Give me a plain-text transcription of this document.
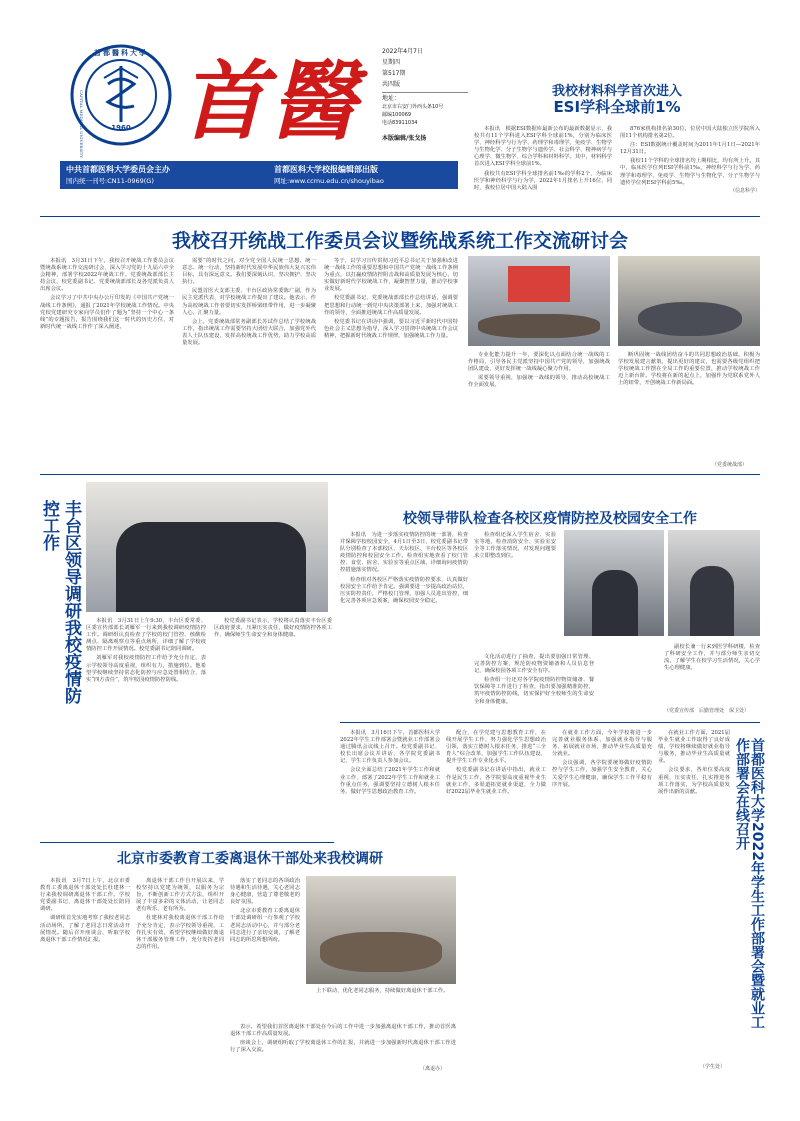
1960
首都醫科大學
CAPITAL MEDICAL UNIVERSITY 首醫	2022年4月7日
星期四
第517期
共四版
地址：
北京市右安门外西头条10号
邮编100069
电话83911034
本版编辑/张戈扬
中共首都医科大学委员会主办
国内统一刊号:CN11-0969(G)
首都医科大学校报编辑部出版
网址:www.ccmu.edu.cn/shouyibao
我校材料科学首次进入
ESI学科全球前1%

本报讯　根据ESI数据库最新公布的最新数据显示，我校共有11个学科进入ESI学科全球前1%，分别为临床医学、神经科学与行为学、药理学和毒理学、免疫学、生物学与生物化学、分子生物学与遗传学、社会科学、精神病学与心理学、微生物学、综合学科和材料科学。其中，材料科学首次进入ESI学科全球前1%。

我校共有ESI学科全球排名前1‰的学科2个，为临床医学和神经科学与行为学，2022年1月排名上升16位，同时，我校位居中国大陆入围

876家机构排名第30位，位居中国大陆独立医学院所入围11个机构排名第2位。

注：ESI数据统计覆盖时间为2011年1月1日—2021年12月31日。

我校11个学科的全球排名均上期相比，均有所上升。其中，临床医学位列ESI学科前1‰，神经科学与行为学、药理学和毒理学、免疫学、生物学与生物化学、分子生物学与遗传学位列ESI学科前5‰。

（信息科学）
我校召开统战工作委员会议暨统战系统工作交流研讨会

本报讯　3月31日下午，我校召开统战工作委员会议暨统战系统工作交流研讨会，深入学习党的十九届六中全会精神，部署学校2022年统战工作。党委统战部部长主持会议，校党委副书记、党委统战部部长及各党派负责人出席会议。

会议学习了中共中央办公厅印发的《中国共产党统一战线工作条例》，通报了2021年学校统战工作情况。中央党校党建研究专家向学员们作了题为“坚持一个中心一条线”的专题报告，报告围绕我们这一时代的历史方位，对新时代统一战线工作作了深入阐述。

需要”的时代之问，对全党全国人民统一思想、统一意志、统一行动，坚持新时代发展中华民族伟大复兴宏伟目标，具有深远意义。我们要深刻认识、坚决拥护、坚决执行。

民盟首医大支部主委、丰台区政协常委陈广副，作为民主党派代表，对学校统战工作提出了建议。他表示，作为高校统战工作者要切实发挥桥梁纽带作用，进一步凝聚人心、汇聚力量。

会上，党委统战部常务副部长苏试作总结了学校统战工作，指出统战工作需要坚持大团结大联合，加强党外代表人士队伍建设，发挥高校统战工作优势，助力学校高质量发展。

等于，以学习宣传贯彻习近平总书记关于加强和改进统一战线工作的重要思想和中国共产党统一战线工作条例为重点，以打赢疫情防控阻击战和高质量发展为核心，切实做好新时代学校统战工作，凝聚智慧力量，推动学校事业发展。

校党委副书记、党委统战部部长作总结讲话，强调要把思想和行动统一到党中央决策部署上来，加强对统战工作的领导，全面推进统战工作高质量发展。

校党委书记在讲话中强调，要以习近平新时代中国特色社会主义思想为指导，深入学习贯彻中央统战工作会议精神，把握新时代统战工作规律，加强统战工作力量。

专业化能力提升一年，要深化以点面结合统一战线的工作格局，引导各民主党派坚持中国共产党的领导，加强统战团队建设，更好发挥统一战线凝心聚力作用。

需要领导重视，加强统一战线的领导，推动高校统战工作全面发展。

断巩固统一战线团结奋斗的共同思想政治基础，积极为学校发展建言献策，提出更好的建议，也需要各级党组织把学校统战工作摆在全局工作的重要位置，推动学校统战工作迈上新台阶。学校将在新的起点上，加强作为党联系党外人士的纽带，开创统战工作新局面。

（党委统战部）
校领导带队检查各校区疫情防控及校园安全工作

本报讯　为进一步落实疫情防控的统一部署，检查并保障学校校园安全，4月1日至3日，校党委副书记带队分别检查了本部校区、天坛校区、丰台校区等各校区疫情防控和校园安全工作。检查组实地查看了校门管控、食堂、宿舍、实验室等重点区域，详细询问疫情防控措施落实情况。

检查组对各校区严格落实疫情防控要求，认真做好校园安全工作给予肯定。强调要进一步提高政治站位，压实防控责任，严格校门管理，加强人员进出管控，细化完善各项应急预案，确保校园安全稳定。

检查组还深入学生宿舍、实验室等地，检查消防安全、实验室安全等工作落实情况，对发现问题要求立即整改到位。

文化活动进行了抽查，提出要加强日常管理、完善防控方案，规范防疫物资储备和人员信息登记，确保校园各项工作安全有序。

检查组一行还对各学院疫情防控物资储备、餐饮保障等工作进行了检查，指出要加强精准防控，筑牢疫情防控防线，切实保护好全校师生的生命安全和身体健康。

副校长兼一行来到医学科研楼，检查了科研安全工作，并与部分师生亲切交流，了解学生在校学习生活情况，关心学生心理健康。

（党委宣传部　后勤管理处　保卫处）
丰台区领导调研我校疫情防控工作

本报讯　3月31日上午9:30，丰台区委常委、区委宣传部部长刘雁军一行来到我校调研疫情防控工作。调研组认真检查了学校的校门管控、核酸检测点、隔离观察点等重点场所，详细了解了学校疫情防控工作开展情况。校党委副书记陪同调研。

刘雁军对我校疫情防控工作给予充分肯定，表示学校领导高度重视，组织有力，措施到位。他希望学校继续坚持常态化防控与应急处置相结合，落实“四方责任”，筑牢校园疫情防控防线。

校党委副书记表示，学校将认真落实丰台区委区政府要求，压紧压实责任，做好疫情防控各项工作，确保师生生命安全和身体健康。

本报讯　3月16日下午，首都医科大学2022年学生工作部署会暨就业工作部署会通过腾讯会议线上召开。校党委副书记、校长出席会议并讲话，各学院党委副书记、学生工作负责人参加会议。

会议全面总结了2021年学生工作和就业工作，部署了2022年学生工作和就业工作重点任务，强调要坚持立德树人根本任务，做好学生思想政治教育工作。

配合，在学党建与思想教育工作，在线开展学生工作，努力强化学生思想政治引领，落实立德树人根本任务，推进“三全育人”综合改革，加强学生工作队伍建设，提升学生工作专业化水平。

校党委副书记在讲话中指出，就业工作是民生工作，各学院要高度重视毕业生就业工作，多渠道拓宽就业渠道，全力做好2022届毕业生就业工作。

在就业工作方面，今年学校将进一步完善就业服务体系，加强就业指导与服务，拓展就业市场，推动毕业生高质量充分就业。

会议强调，各学院要统筹做好疫情防控与学生工作，加强学生安全教育，关心关爱学生心理健康，确保学生工作平稳有序开展。

在就业工作方面，2021届毕业生就业工作取得了良好成绩，学校将继续做好就业指导与服务，推动毕业生高质量就业。

会议要求，各单位要高度重视，压实责任，扎实推进各项工作落实，为学校高质量发展作出新的贡献。	首都医科大学2022年学生工作部署会暨就业工作部署会在线召开
（学生处）
北京市委教育工委离退休干部处来我校调研

本报讯　3月7日上午，北京市委教育工委离退休干部处处长杜建林一行来我校调研离退休干部工作。学校党委副书记、离退休干部处处长陪同调研。

调研组首先实地考察了我校老同志活动场所，了解了老同志日常活动开展情况。随后召开座谈会，听取学校离退休干部工作情况汇报。

离退休干部工作自开展以来，学校坚持以党建为统领，以服务为宗旨，不断创新工作方式方法，组织开展了丰富多彩的文体活动，让老同志老有所乐、老有所为。

杜建林对我校离退休干部工作给予充分肯定，表示学校领导重视，工作扎实有效，希望学校继续做好离退休干部服务管理工作，充分发挥老同志的作用。

落实了老同志的各项政治待遇和生活待遇，关心老同志身心健康，营造了尊老敬老的良好氛围。

北京市委教育工委离退休干部处调研组一行参观了学校老同志活动中心，并与部分老同志进行了亲切交谈，了解老同志的所思所想所盼。

上下联动，优化老同志服务，持续做好离退休干部工作。

表示，希望我们首医离退休干部处在今后的工作中进一步加强离退休干部工作，推动首医离退休干部工作高质量发展。

座谈会上，调研组听取了学校离退休工作的汇报，并就进一步加强新时代离退休干部工作进行了深入交流。

（离退办）
